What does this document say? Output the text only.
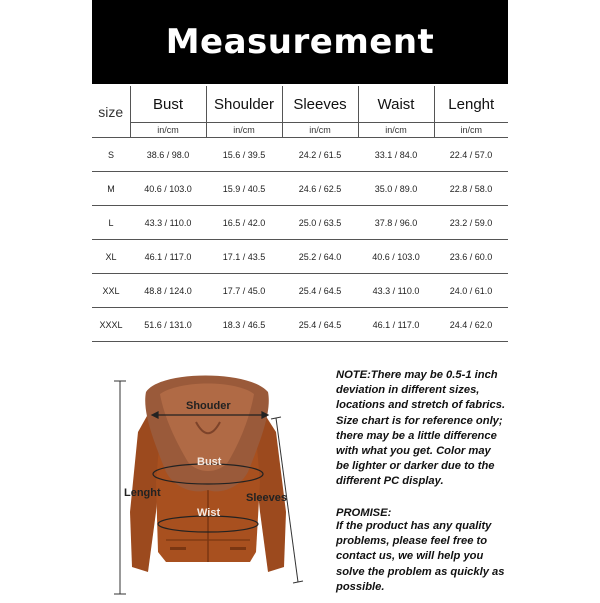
Measurement
size	Bust	Shoulder	Sleeves	Waist	Lenght
	in/cm	in/cm	in/cm	in/cm	in/cm
S	38.6 / 98.0	15.6 / 39.5	24.2 / 61.5	33.1 / 84.0	22.4 / 57.0
M	40.6 / 103.0	15.9 / 40.5	24.6 / 62.5	35.0 / 89.0	22.8 / 58.0
L	43.3 / 110.0	16.5 / 42.0	25.0 / 63.5	37.8 / 96.0	23.2 / 59.0
XL	46.1 / 117.0	17.1 / 43.5	25.2 / 64.0	40.6 / 103.0	23.6 / 60.0
XXL	48.8 / 124.0	17.7 / 45.0	25.4 / 64.5	43.3 / 110.0	24.0 / 61.0
XXXL	51.6 / 131.0	18.3 / 46.5	25.4 / 64.5	46.1 / 117.0	24.4 / 62.0
Shouder
Bust
Wist
Lenght	Sleeves
NOTE:There may be 0.5-1 inch deviation in different sizes, locations and stretch of fabrics. Size chart is for reference only; there may be a little difference with what you get. Color may be lighter or darker due to the different PC display.
PROMISE:
If the product has any quality problems, please feel free to contact us, we will help you solve the problem as quickly as possible.
